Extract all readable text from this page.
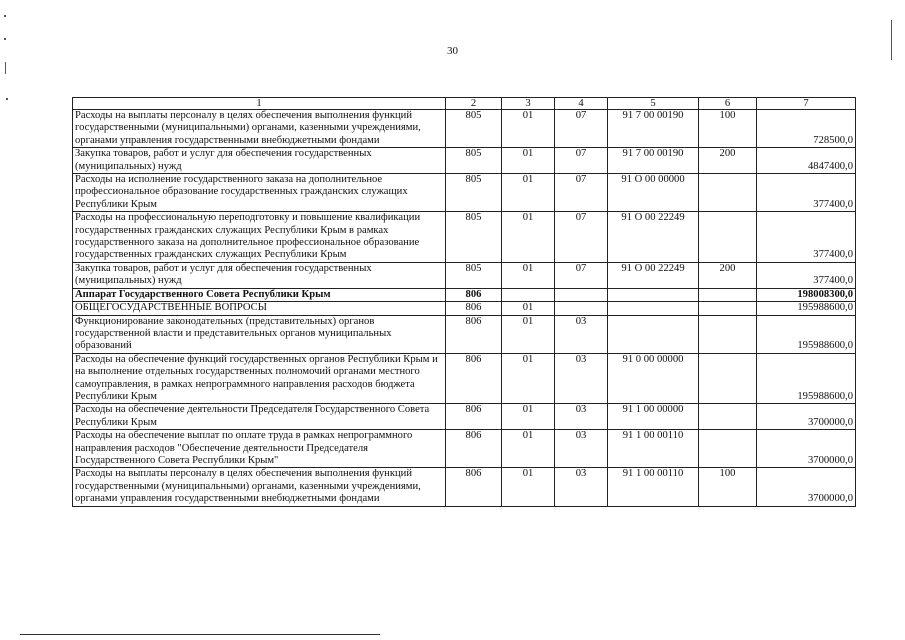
30
1	2	3	4	5	6	7
Расходы на выплаты персоналу в целях обеспечения выполнения функций государственными (муниципальными) органами, казенными учреждениями, органами управления государственными внебюджетными фондами	805	01	07	91 7 00 00190	100	728500,0
Закупка товаров, работ и услуг для обеспечения государственных (муниципальных) нужд	805	01	07	91 7 00 00190	200	4847400,0
Расходы на исполнение государственного заказа на дополнительное профессиональное образование государственных гражданских служащих Республики Крым	805	01	07	91 О 00 00000		377400,0
Расходы на профессиональную переподготовку и повышение квалификации государственных гражданских служащих Республики Крым в рамках государственного заказа на дополнительное профессиональное образование государственных гражданских служащих Республики Крым	805	01	07	91 О 00 22249		377400,0
Закупка товаров, работ и услуг для обеспечения государственных (муниципальных) нужд	805	01	07	91 О 00 22249	200	377400,0
Аппарат Государственного Совета Республики Крым	806					198008300,0
ОБЩЕГОСУДАРСТВЕННЫЕ ВОПРОСЫ	806	01				195988600,0
Функционирование законодательных (представительных) органов государственной власти и представительных органов муниципальных образований	806	01	03			195988600,0
Расходы на обеспечение функций государственных органов Республики Крым и на выполнение отдельных государственных полномочий органами местного самоуправления, в рамках непрограммного направления расходов бюджета Республики Крым	806	01	03	91 0 00 00000		195988600,0
Расходы на обеспечение деятельности Председателя Государственного Совета Республики Крым	806	01	03	91 1 00 00000		3700000,0
Расходы на обеспечение выплат по оплате труда в рамках непрограммного направления расходов "Обеспечение деятельности Председателя Государственного Совета Республики Крым"	806	01	03	91 1 00 00110		3700000,0
Расходы на выплаты персоналу в целях обеспечения выполнения функций государственными (муниципальными) органами, казенными учреждениями, органами управления государственными внебюджетными фондами	806	01	03	91 1 00 00110	100	3700000,0
